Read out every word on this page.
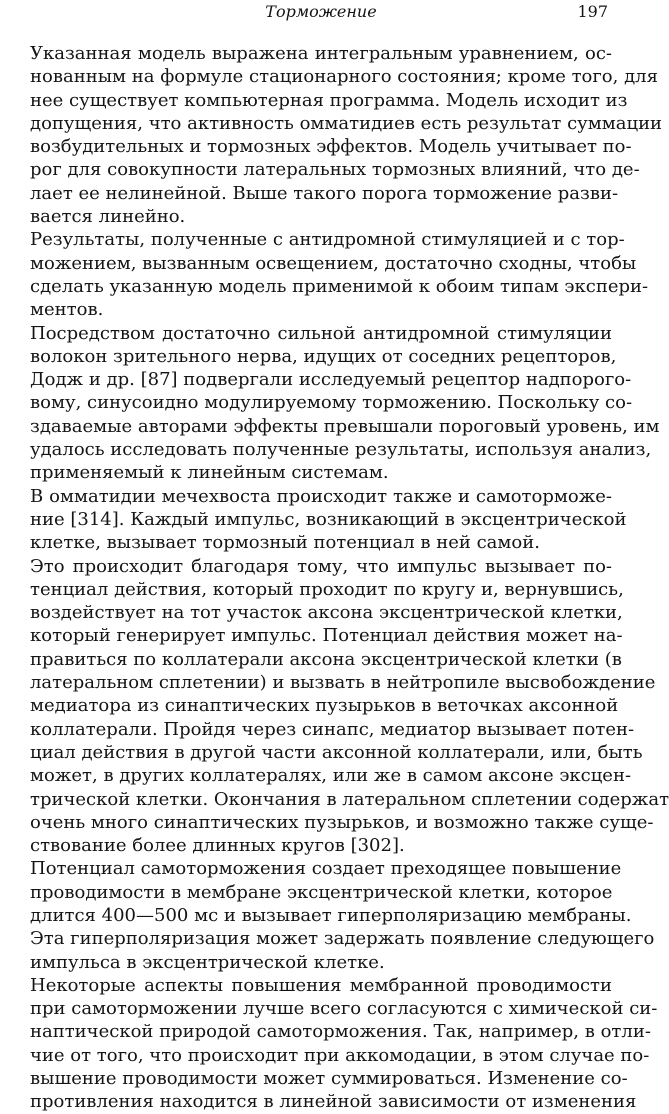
Торможение	197

Указанная модель выражена интегральным уравнением, ос-
нованным на формуле стационарного состояния; кроме того, для
нее существует компьютерная программа. Модель исходит из
допущения, что активность омматидиев есть результат суммации
возбудительных и тормозных эффектов. Модель учитывает по-
рог для совокупности латеральных тормозных влияний, что де-
лает ее нелинейной. Выше такого порога торможение разви-
вается линейно.

Результаты, полученные с антидромной стимуляцией и с тор-
можением, вызванным освещением, достаточно сходны, чтобы
сделать указанную модель применимой к обоим типам экспери-
ментов.

Посредством достаточно сильной антидромной стимуляции
волокон зрительного нерва, идущих от соседних рецепторов,
Додж и др. [87] подвергали исследуемый рецептор надпорого-
вому, синусоидно модулируемому торможению. Поскольку со-
здаваемые авторами эффекты превышали пороговый уровень, им
удалось исследовать полученные результаты, используя анализ,
применяемый к линейным системам.

В омматидии мечехвоста происходит также и самоторможе-
ние [314]. Каждый импульс, возникающий в эксцентрической
клетке, вызывает тормозный потенциал в ней самой.

Это происходит благодаря тому, что импульс вызывает по-
тенциал действия, который проходит по кругу и, вернувшись,
воздействует на тот участок аксона эксцентрической клетки,
который генерирует импульс. Потенциал действия может на-
правиться по коллатерали аксона эксцентрической клетки (в
латеральном сплетении) и вызвать в нейтропиле высвобождение
медиатора из синаптических пузырьков в веточках аксонной
коллатерали. Пройдя через синапс, медиатор вызывает потен-
циал действия в другой части аксонной коллатерали, или, быть
может, в других коллатералях, или же в самом аксоне эксцен-
трической клетки. Окончания в латеральном сплетении содержат
очень много синаптических пузырьков, и возможно также суще-
ствование более длинных кругов [302].

Потенциал самоторможения создает преходящее повышение
проводимости в мембране эксцентрической клетки, которое
длится 400—500 мс и вызывает гиперполяризацию мембраны.
Эта гиперполяризация может задержать появление следующего
импульса в эксцентрической клетке.

Некоторые аспекты повышения мембранной проводимости
при самоторможении лучше всего согласуются с химической си-
наптической природой самоторможения. Так, например, в отли-
чие от того, что происходит при аккомодации, в этом случае по-
вышение проводимости может суммироваться. Изменение со-
противления находится в линейной зависимости от изменения
